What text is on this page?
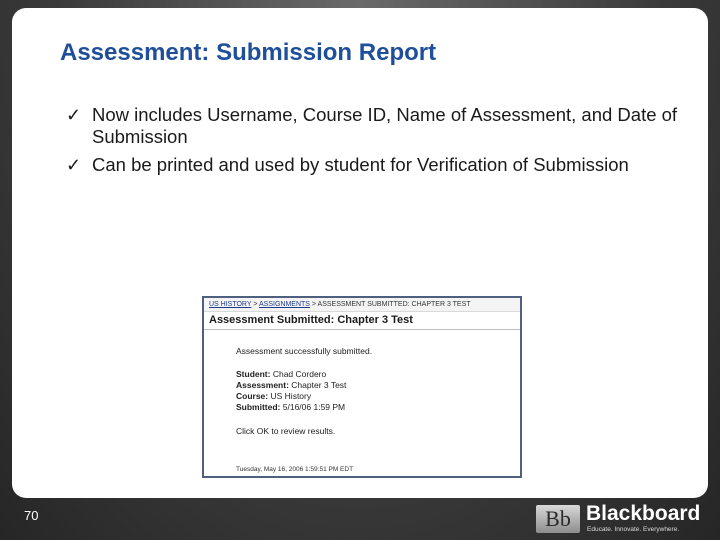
Assessment: Submission Report
✓ Now includes Username, Course ID, Name of Assessment, and Date of Submission
✓ Can be printed and used by student for Verification of Submission
US HISTORY > ASSIGNMENTS > ASSESSMENT SUBMITTED: CHAPTER 3 TEST
Assessment Submitted: Chapter 3 Test
Assessment successfully submitted.
Student: Chad Cordero
Assessment: Chapter 3 Test
Course: US History
Submitted: 5/16/06 1:59 PM
Click OK to review results.
Tuesday, May 16, 2006 1:59:51 PM EDT
70	Bb Blackboard
Educate. Innovate. Everywhere.
